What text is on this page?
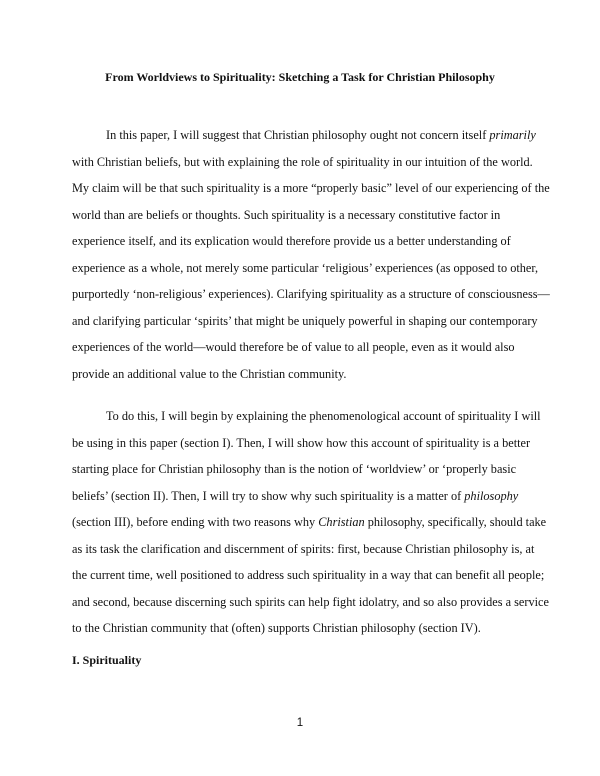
From Worldviews to Spirituality: Sketching a Task for Christian Philosophy
In this paper, I will suggest that Christian philosophy ought not concern itself primarily
with Christian beliefs, but with explaining the role of spirituality in our intuition of the world.
My claim will be that such spirituality is a more “properly basic” level of our experiencing of the
world than are beliefs or thoughts. Such spirituality is a necessary constitutive factor in
experience itself, and its explication would therefore provide us a better understanding of
experience as a whole, not merely some particular ‘religious’ experiences (as opposed to other,
purportedly ‘non-religious’ experiences). Clarifying spirituality as a structure of consciousness—
and clarifying particular ‘spirits’ that might be uniquely powerful in shaping our contemporary
experiences of the world—would therefore be of value to all people, even as it would also
provide an additional value to the Christian community.
To do this, I will begin by explaining the phenomenological account of spirituality I will
be using in this paper (section I). Then, I will show how this account of spirituality is a better
starting place for Christian philosophy than is the notion of ‘worldview’ or ‘properly basic
beliefs’ (section II). Then, I will try to show why such spirituality is a matter of philosophy
(section III), before ending with two reasons why Christian philosophy, specifically, should take
as its task the clarification and discernment of spirits: first, because Christian philosophy is, at
the current time, well positioned to address such spirituality in a way that can benefit all people;
and second, because discerning such spirits can help fight idolatry, and so also provides a service
to the Christian community that (often) supports Christian philosophy (section IV).
I. Spirituality
1
